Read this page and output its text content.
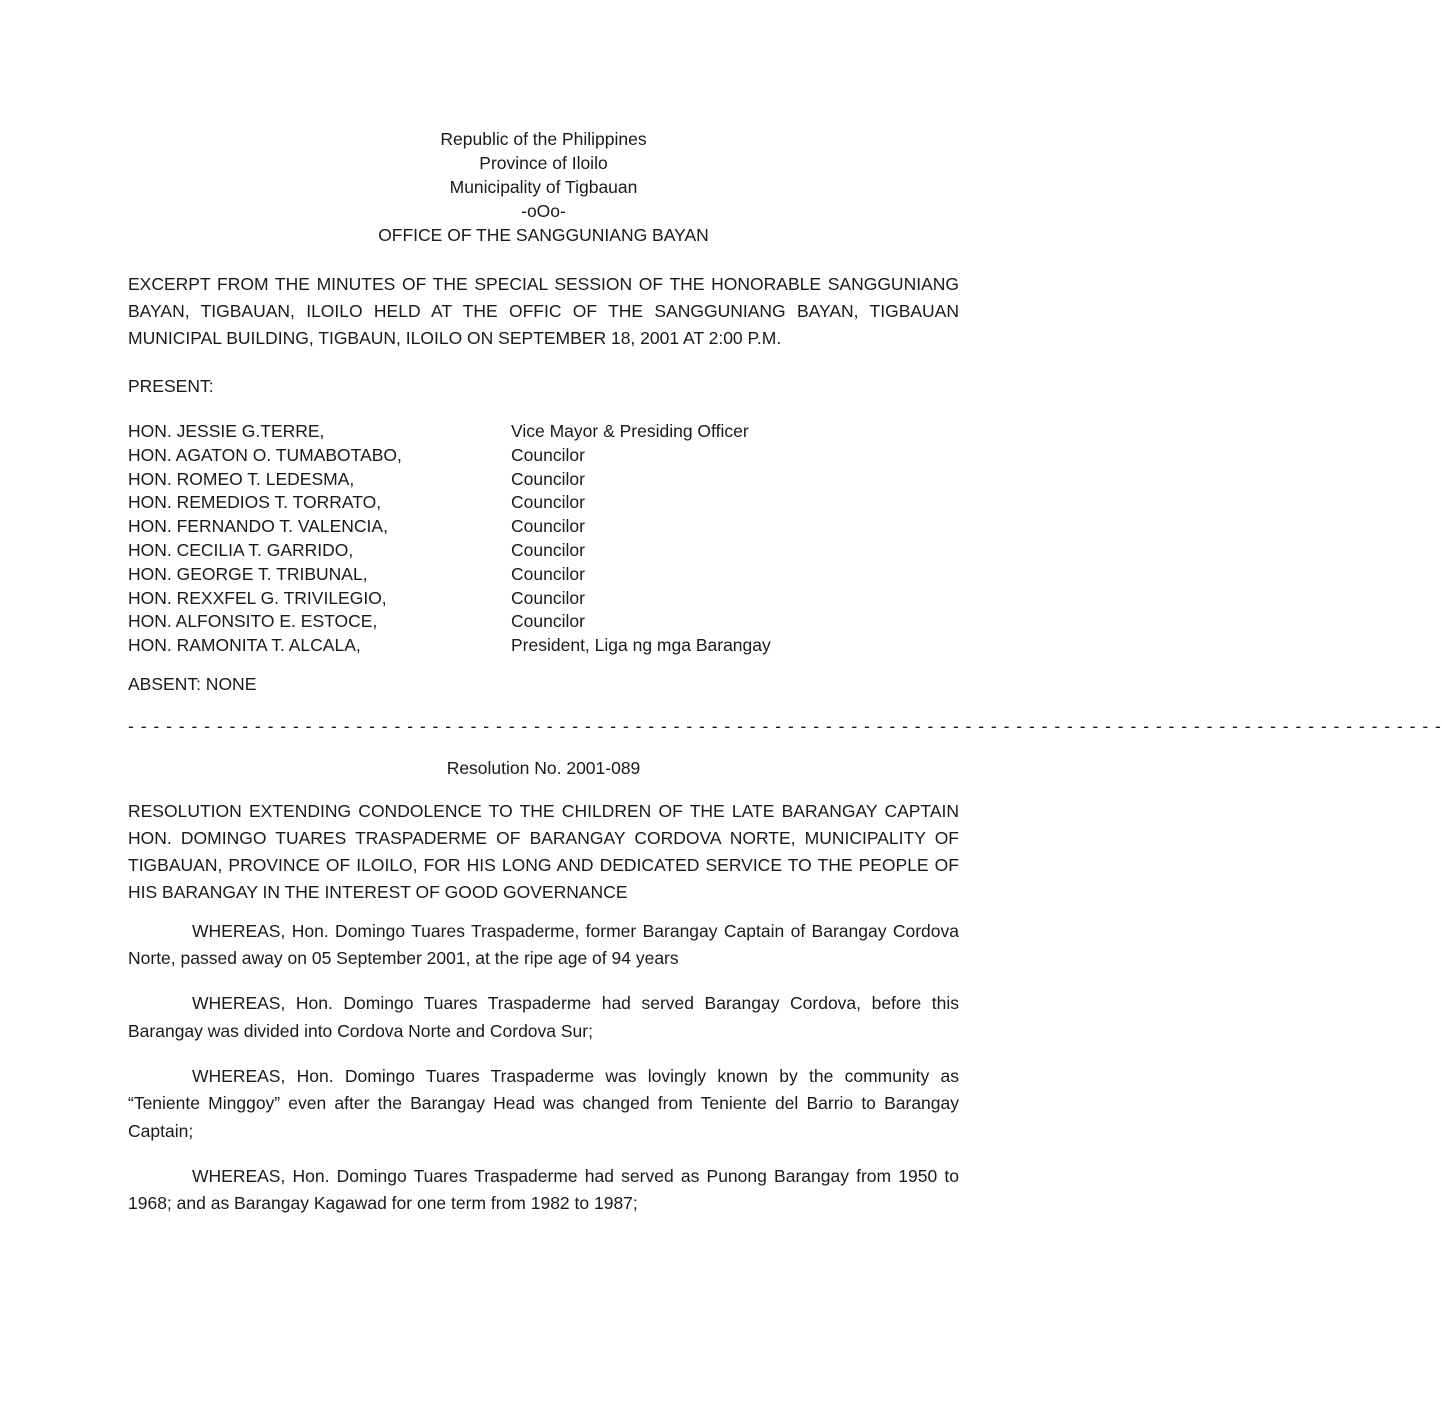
Republic of the Philippines
Province of Iloilo
Municipality of Tigbauan
-oOo-
OFFICE OF THE SANGGUNIANG BAYAN
EXCERPT FROM THE MINUTES OF THE SPECIAL SESSION OF THE HONORABLE SANGGUNIANG BAYAN, TIGBAUAN, ILOILO HELD AT THE OFFIC OF THE SANGGUNIANG BAYAN, TIGBAUAN MUNICIPAL BUILDING, TIGBAUN, ILOILO ON SEPTEMBER 18, 2001 AT 2:00 P.M.
PRESENT:
HON. JESSIE G.TERRE,	Vice Mayor & Presiding Officer
HON. AGATON O. TUMABOTABO,	Councilor
HON. ROMEO T. LEDESMA,	Councilor
HON. REMEDIOS T. TORRATO,	Councilor
HON. FERNANDO T. VALENCIA,	Councilor
HON. CECILIA T. GARRIDO,	Councilor
HON. GEORGE T. TRIBUNAL,	Councilor
HON. REXXFEL G. TRIVILEGIO,	Councilor
HON. ALFONSITO E. ESTOCE,	Councilor
HON. RAMONITA T. ALCALA,	President, Liga ng mga Barangay
ABSENT: NONE
- - - - - - - - - - - - - - - - - - - - - - - - - - - - - - - - - - - - - - - - - - - - - - - - - - - - - - - - - - - - - - - - - - - - - - - - - - - - - - - - - - - - - - - - - - - - - - - - - - - - - - - -
Resolution No. 2001-089
RESOLUTION EXTENDING CONDOLENCE TO THE CHILDREN OF THE LATE BARANGAY CAPTAIN HON. DOMINGO TUARES TRASPADERME OF BARANGAY CORDOVA NORTE, MUNICIPALITY OF TIGBAUAN, PROVINCE OF ILOILO, FOR HIS LONG AND DEDICATED SERVICE TO THE PEOPLE OF HIS BARANGAY IN THE INTEREST OF GOOD GOVERNANCE

WHEREAS, Hon. Domingo Tuares Traspaderme, former Barangay Captain of Barangay Cordova Norte, passed away on 05 September 2001, at the ripe age of 94 years

WHEREAS, Hon. Domingo Tuares Traspaderme had served Barangay Cordova, before this Barangay was divided into Cordova Norte and Cordova Sur;

WHEREAS, Hon. Domingo Tuares Traspaderme was lovingly known by the community as “Teniente Minggoy” even after the Barangay Head was changed from Teniente del Barrio to Barangay Captain;

WHEREAS, Hon. Domingo Tuares Traspaderme had served as Punong Barangay from 1950 to 1968; and as Barangay Kagawad for one term from 1982 to 1987;
